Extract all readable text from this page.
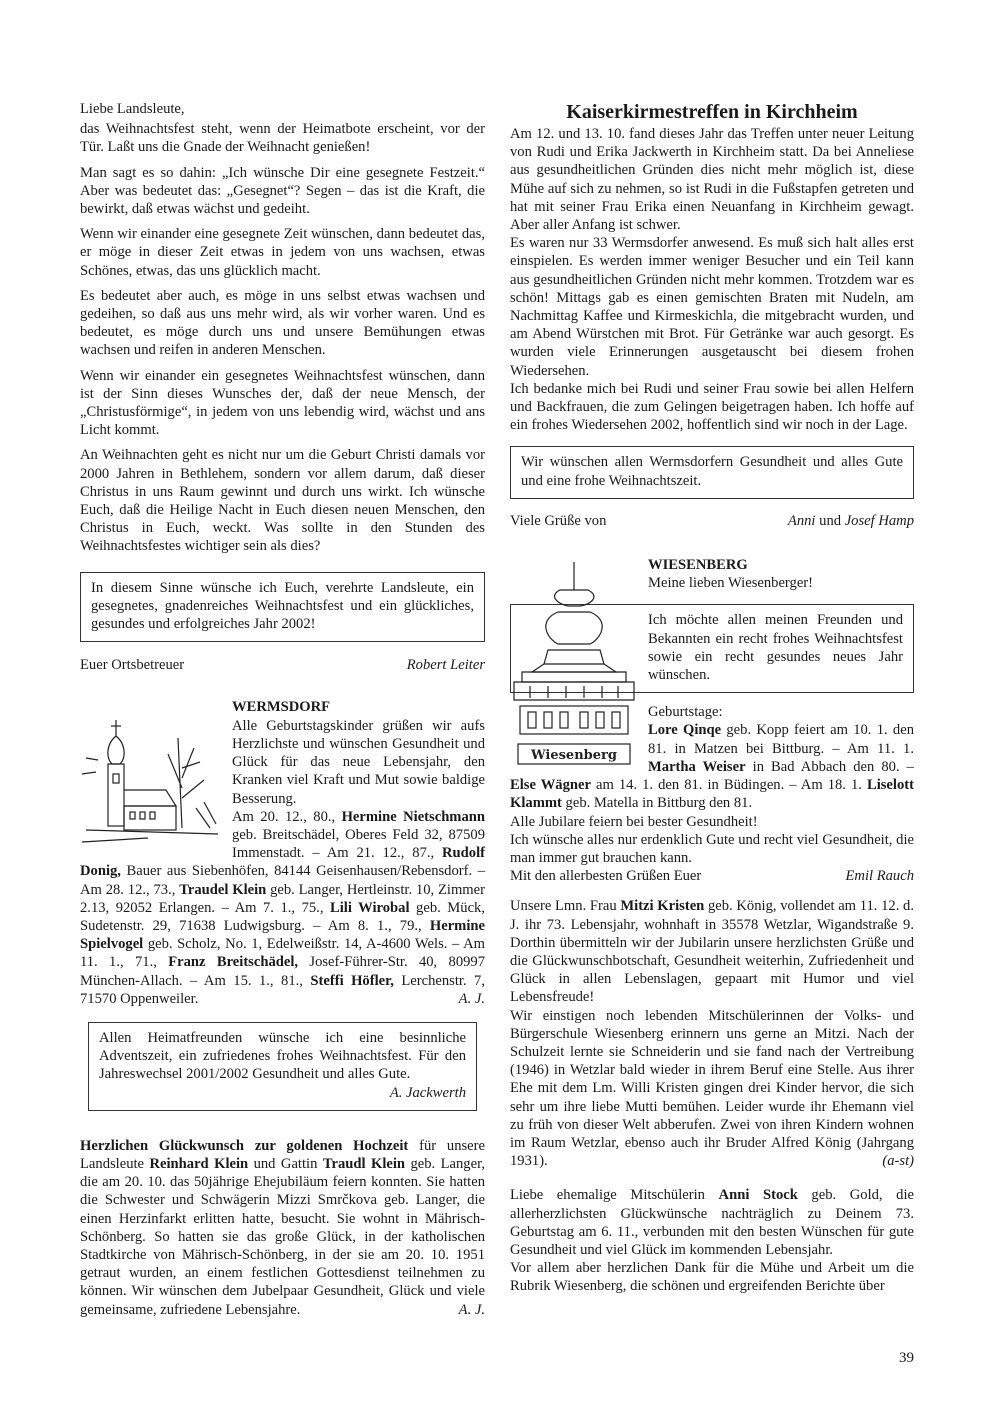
Liebe Landsleute,

das Weihnachtsfest steht, wenn der Heimatbote erscheint, vor der Tür. Laßt uns die Gnade der Weihnacht genießen!

Man sagt es so dahin: „Ich wünsche Dir eine gesegnete Festzeit.“ Aber was bedeutet das: „Gesegnet“? Segen – das ist die Kraft, die bewirkt, daß etwas wächst und gedeiht.

Wenn wir einander eine gesegnete Zeit wünschen, dann bedeutet das, er möge in dieser Zeit etwas in jedem von uns wachsen, etwas Schönes, etwas, das uns glücklich macht.

Es bedeutet aber auch, es möge in uns selbst etwas wachsen und gedeihen, so daß aus uns mehr wird, als wir vorher waren. Und es bedeutet, es möge durch uns und unsere Bemühungen etwas wachsen und reifen in anderen Menschen.

Wenn wir einander ein gesegnetes Weihnachtsfest wünschen, dann ist der Sinn dieses Wunsches der, daß der neue Mensch, der „Christusförmige“, in jedem von uns lebendig wird, wächst und ans Licht kommt.

An Weihnachten geht es nicht nur um die Geburt Christi damals vor 2000 Jahren in Bethlehem, sondern vor allem darum, daß dieser Christus in uns Raum gewinnt und durch uns wirkt. Ich wünsche Euch, daß die Heilige Nacht in Euch diesen neuen Menschen, den Christus in Euch, weckt. Was sollte in den Stunden des Weihnachtsfestes wichtiger sein als dies?

In diesem Sinne wünsche ich Euch, verehrte Landsleute, ein gesegnetes, gnadenreiches Weihnachtsfest und ein glückliches, gesundes und erfolgreiches Jahr 2002!

Euer Ortsbetreuer	Robert Leiter

WERMSDORF

Alle Geburtstagskinder grüßen wir aufs Herzlichste und wünschen Gesundheit und Glück für das neue Lebensjahr, den Kranken viel Kraft und Mut sowie baldige Besserung.

Am 20. 12., 80., Hermine Nietschmann geb. Breitschädel, Oberes Feld 32, 87509 Immenstadt. – Am 21. 12., 87., Rudolf Donig, Bauer aus Siebenhöfen, 84144 Geisenhausen/Rebensdorf. – Am 28. 12., 73., Traudel Klein geb. Langer, Hertleinstr. 10, Zimmer 2.13, 92052 Erlangen. – Am 7. 1., 75., Lili Wirobal geb. Mück, Sudetenstr. 29, 71638 Ludwigsburg. – Am 8. 1., 79., Hermine Spielvogel geb. Scholz, No. 1, Edelweißstr. 14, A-4600 Wels. – Am 11. 1., 71., Franz Breitschädel, Josef-Führer-Str. 40, 80997 München-Allach. – Am 15. 1., 81., Steffi Höfler, Lerchenstr. 7, 71570 Oppenweiler.	A. J.

Allen Heimatfreunden wünsche ich eine besinnliche Adventszeit, ein zufriedenes frohes Weihnachtsfest. Für den Jahreswechsel 2001/2002 Gesundheit und alles Gute.

A. Jackwerth

Herzlichen Glückwunsch zur goldenen Hochzeit für unsere Landsleute Reinhard Klein und Gattin Traudl Klein geb. Langer, die am 20. 10. das 50jährige Ehejubiläum feiern konnten. Sie hatten die Schwester und Schwägerin Mizzi Smrčkova geb. Langer, die einen Herzinfarkt erlitten hatte, besucht. Sie wohnt in Mährisch-Schönberg. So hatten sie das große Glück, in der katholischen Stadtkirche von Mährisch-Schönberg, in der sie am 20. 10. 1951 getraut wurden, an einem festlichen Gottesdienst teilnehmen zu können. Wir wünschen dem Jubelpaar Gesundheit, Glück und viele gemeinsame, zufriedene Lebensjahre.	A. J.

Kaiserkirmestreffen in Kirchheim

Am 12. und 13. 10. fand dieses Jahr das Treffen unter neuer Leitung von Rudi und Erika Jackwerth in Kirchheim statt. Da bei Anneliese aus gesundheitlichen Gründen dies nicht mehr möglich ist, diese Mühe auf sich zu nehmen, so ist Rudi in die Fußstapfen getreten und hat mit seiner Frau Erika einen Neuanfang in Kirchheim gewagt. Aber aller Anfang ist schwer.

Es waren nur 33 Wermsdorfer anwesend. Es muß sich halt alles erst einspielen. Es werden immer weniger Besucher und ein Teil kann aus gesundheitlichen Gründen nicht mehr kommen. Trotzdem war es schön! Mittags gab es einen gemischten Braten mit Nudeln, am Nachmittag Kaffee und Kirmeskichla, die mitgebracht wurden, und am Abend Würstchen mit Brot. Für Getränke war auch gesorgt. Es wurden viele Erinnerungen ausgetauscht bei diesem frohen Wiedersehen.

Ich bedanke mich bei Rudi und seiner Frau sowie bei allen Helfern und Backfrauen, die zum Gelingen beigetragen haben. Ich hoffe auf ein frohes Wiedersehen 2002, hoffentlich sind wir noch in der Lage.

Wir wünschen allen Wermsdorfern Gesundheit und alles Gute und eine frohe Weihnachtszeit.

Viele Grüße von	Anni und Josef Hamp
Wiesenberg

WIESENBERG

Meine lieben Wiesenberger!

Ich möchte allen meinen Freunden und Bekannten ein recht frohes Weihnachtsfest sowie ein recht gesundes neues Jahr wünschen.

Geburtstage:

Lore Qinqe geb. Kopp feiert am 10. 1. den 81. in Matzen bei Bittburg. – Am 11. 1. Martha Weiser in Bad Abbach den 80. – Else Wägner am 14. 1. den 81. in Büdingen. – Am 18. 1. Liselott Klammt geb. Matella in Bittburg den 81.

Alle Jubilare feiern bei bester Gesundheit!

Ich wünsche alles nur erdenklich Gute und recht viel Gesundheit, die man immer gut brauchen kann.

Mit den allerbesten Grüßen Euer	Emil Rauch

Unsere Lmn. Frau Mitzi Kristen geb. König, vollendet am 11. 12. d. J. ihr 73. Lebensjahr, wohnhaft in 35578 Wetzlar, Wigandstraße 9. Dorthin übermitteln wir der Jubilarin unsere herzlichsten Grüße und die Glückwunschbotschaft, Gesundheit weiterhin, Zufriedenheit und Glück in allen Lebenslagen, gepaart mit Humor und viel Lebensfreude!

Wir einstigen noch lebenden Mitschülerinnen der Volks- und Bürgerschule Wiesenberg erinnern uns gerne an Mitzi. Nach der Schulzeit lernte sie Schneiderin und sie fand nach der Vertreibung (1946) in Wetzlar bald wieder in ihrem Beruf eine Stelle. Aus ihrer Ehe mit dem Lm. Willi Kristen gingen drei Kinder hervor, die sich sehr um ihre liebe Mutti bemühen. Leider wurde ihr Ehemann viel zu früh von dieser Welt abberufen. Zwei von ihren Kindern wohnen im Raum Wetzlar, ebenso auch ihr Bruder Alfred König (Jahrgang 1931).	(a-st)

Liebe ehemalige Mitschülerin Anni Stock geb. Gold, die allerherzlichsten Glückwünsche nachträglich zu Deinem 73. Geburtstag am 6. 11., verbunden mit den besten Wünschen für gute Gesundheit und viel Glück im kommenden Lebensjahr.

Vor allem aber herzlichen Dank für die Mühe und Arbeit um die Rubrik Wiesenberg, die schönen und ergreifenden Berichte über

39
